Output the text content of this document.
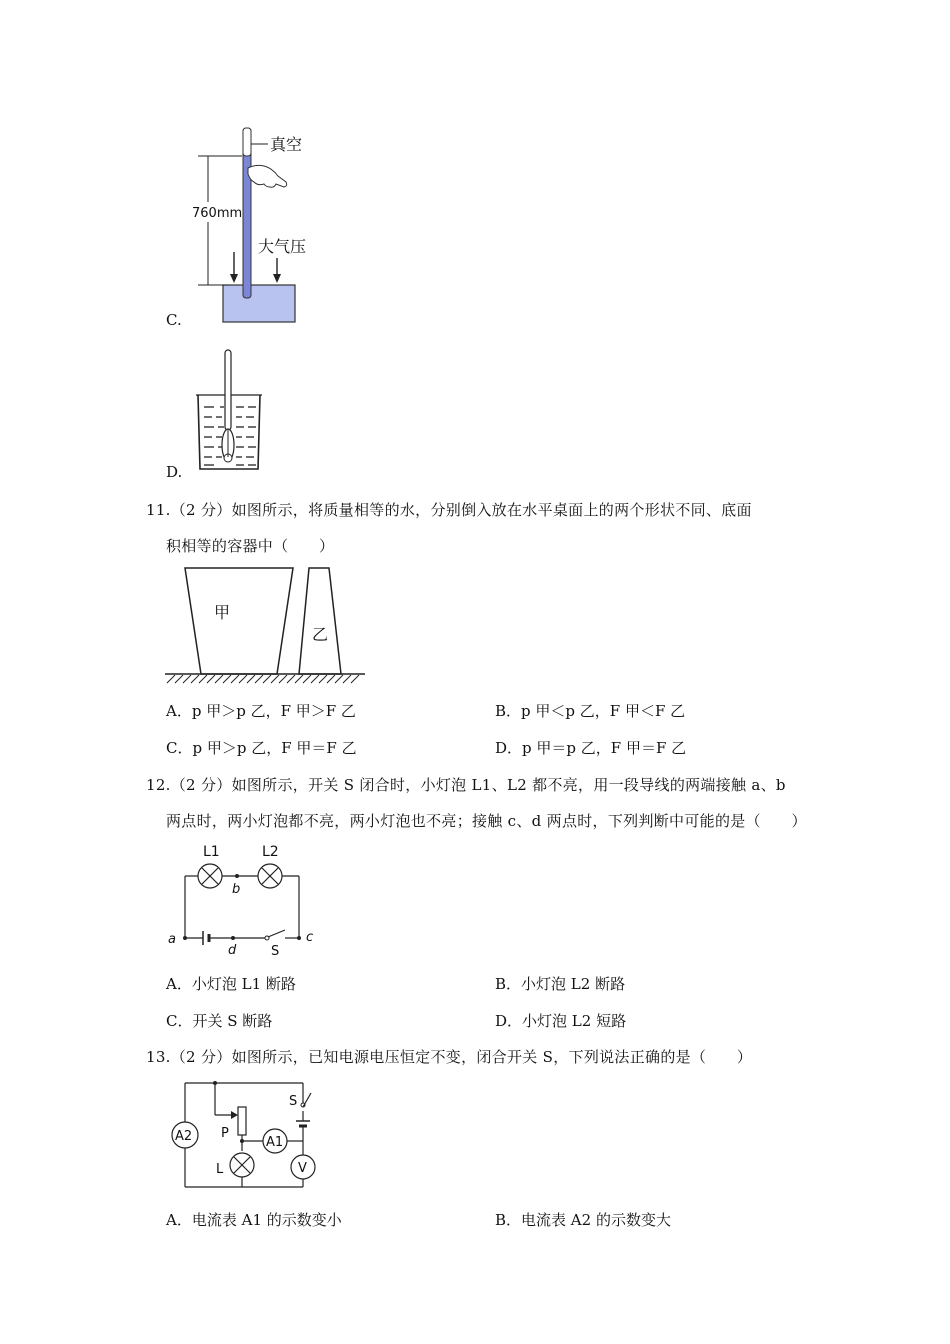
C.
真空
760mm
大气压
D.
11.（2 分）如图所示，将质量相等的水，分别倒入放在水平桌面上的两个形状不同、底面
积相等的容器中（　　）
甲
乙
A．p 甲＞p 乙，F 甲＞F 乙	B．p 甲＜p 乙，F 甲＜F 乙
C．p 甲＞p 乙，F 甲＝F 乙	D．p 甲＝p 乙，F 甲＝F 乙
12.（2 分）如图所示，开关 S 闭合时，小灯泡 L1、L2 都不亮，用一段导线的两端接触 a、b
两点时，两小灯泡都不亮，两小灯泡也不亮；接触 c、d 两点时，下列判断中可能的是（　　）
L1	L2
b
d	S
a	c
A．小灯泡 L1 断路	B．小灯泡 L2 断路
C．开关 S 断路	D．小灯泡 L2 短路
13.（2 分）如图所示，已知电源电压恒定不变，闭合开关 S，下列说法正确的是（　　）
A2 P
L
A1
S
V
A．电流表 A1 的示数变小	B．电流表 A2 的示数变大
